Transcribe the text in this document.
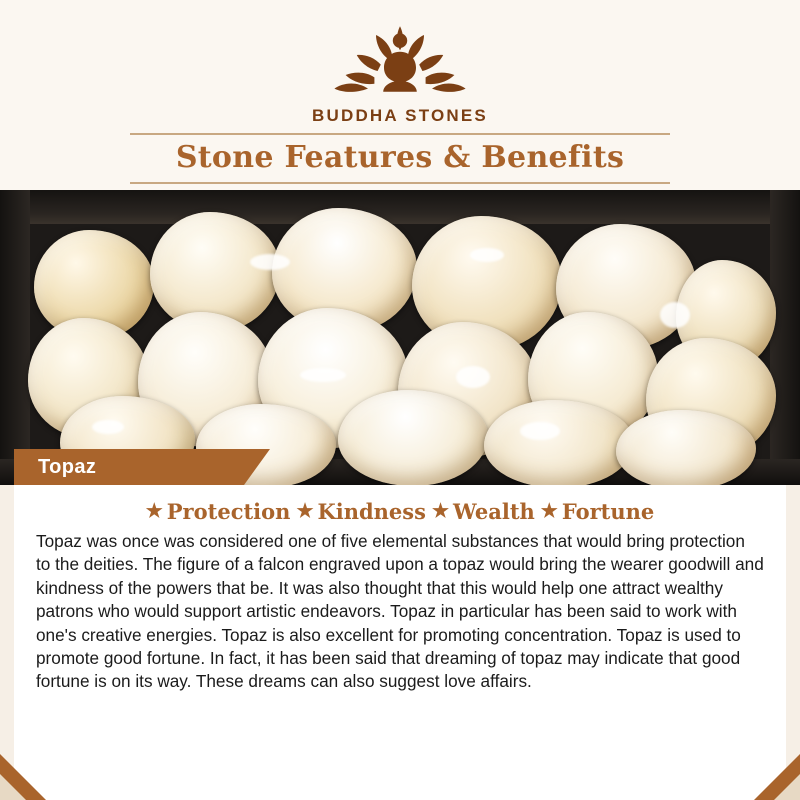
BUDDHA STONES
Stone Features & Benefits
Topaz
★ Protection ★ Kindness ★ Wealth ★ Fortune

Topaz was once was considered one of five elemental substances that would bring protection to the deities. The figure of a falcon engraved upon a topaz would bring the wearer goodwill and kindness of the powers that be. It was also thought that this would help one attract wealthy patrons who would support artistic endeavors. Topaz in particular has been said to work with one's creative energies. Topaz is also excellent for promoting concentration. Topaz is used to promote good fortune. In fact, it has been said that dreaming of topaz may indicate that good fortune is on its way. These dreams can also suggest love affairs.
